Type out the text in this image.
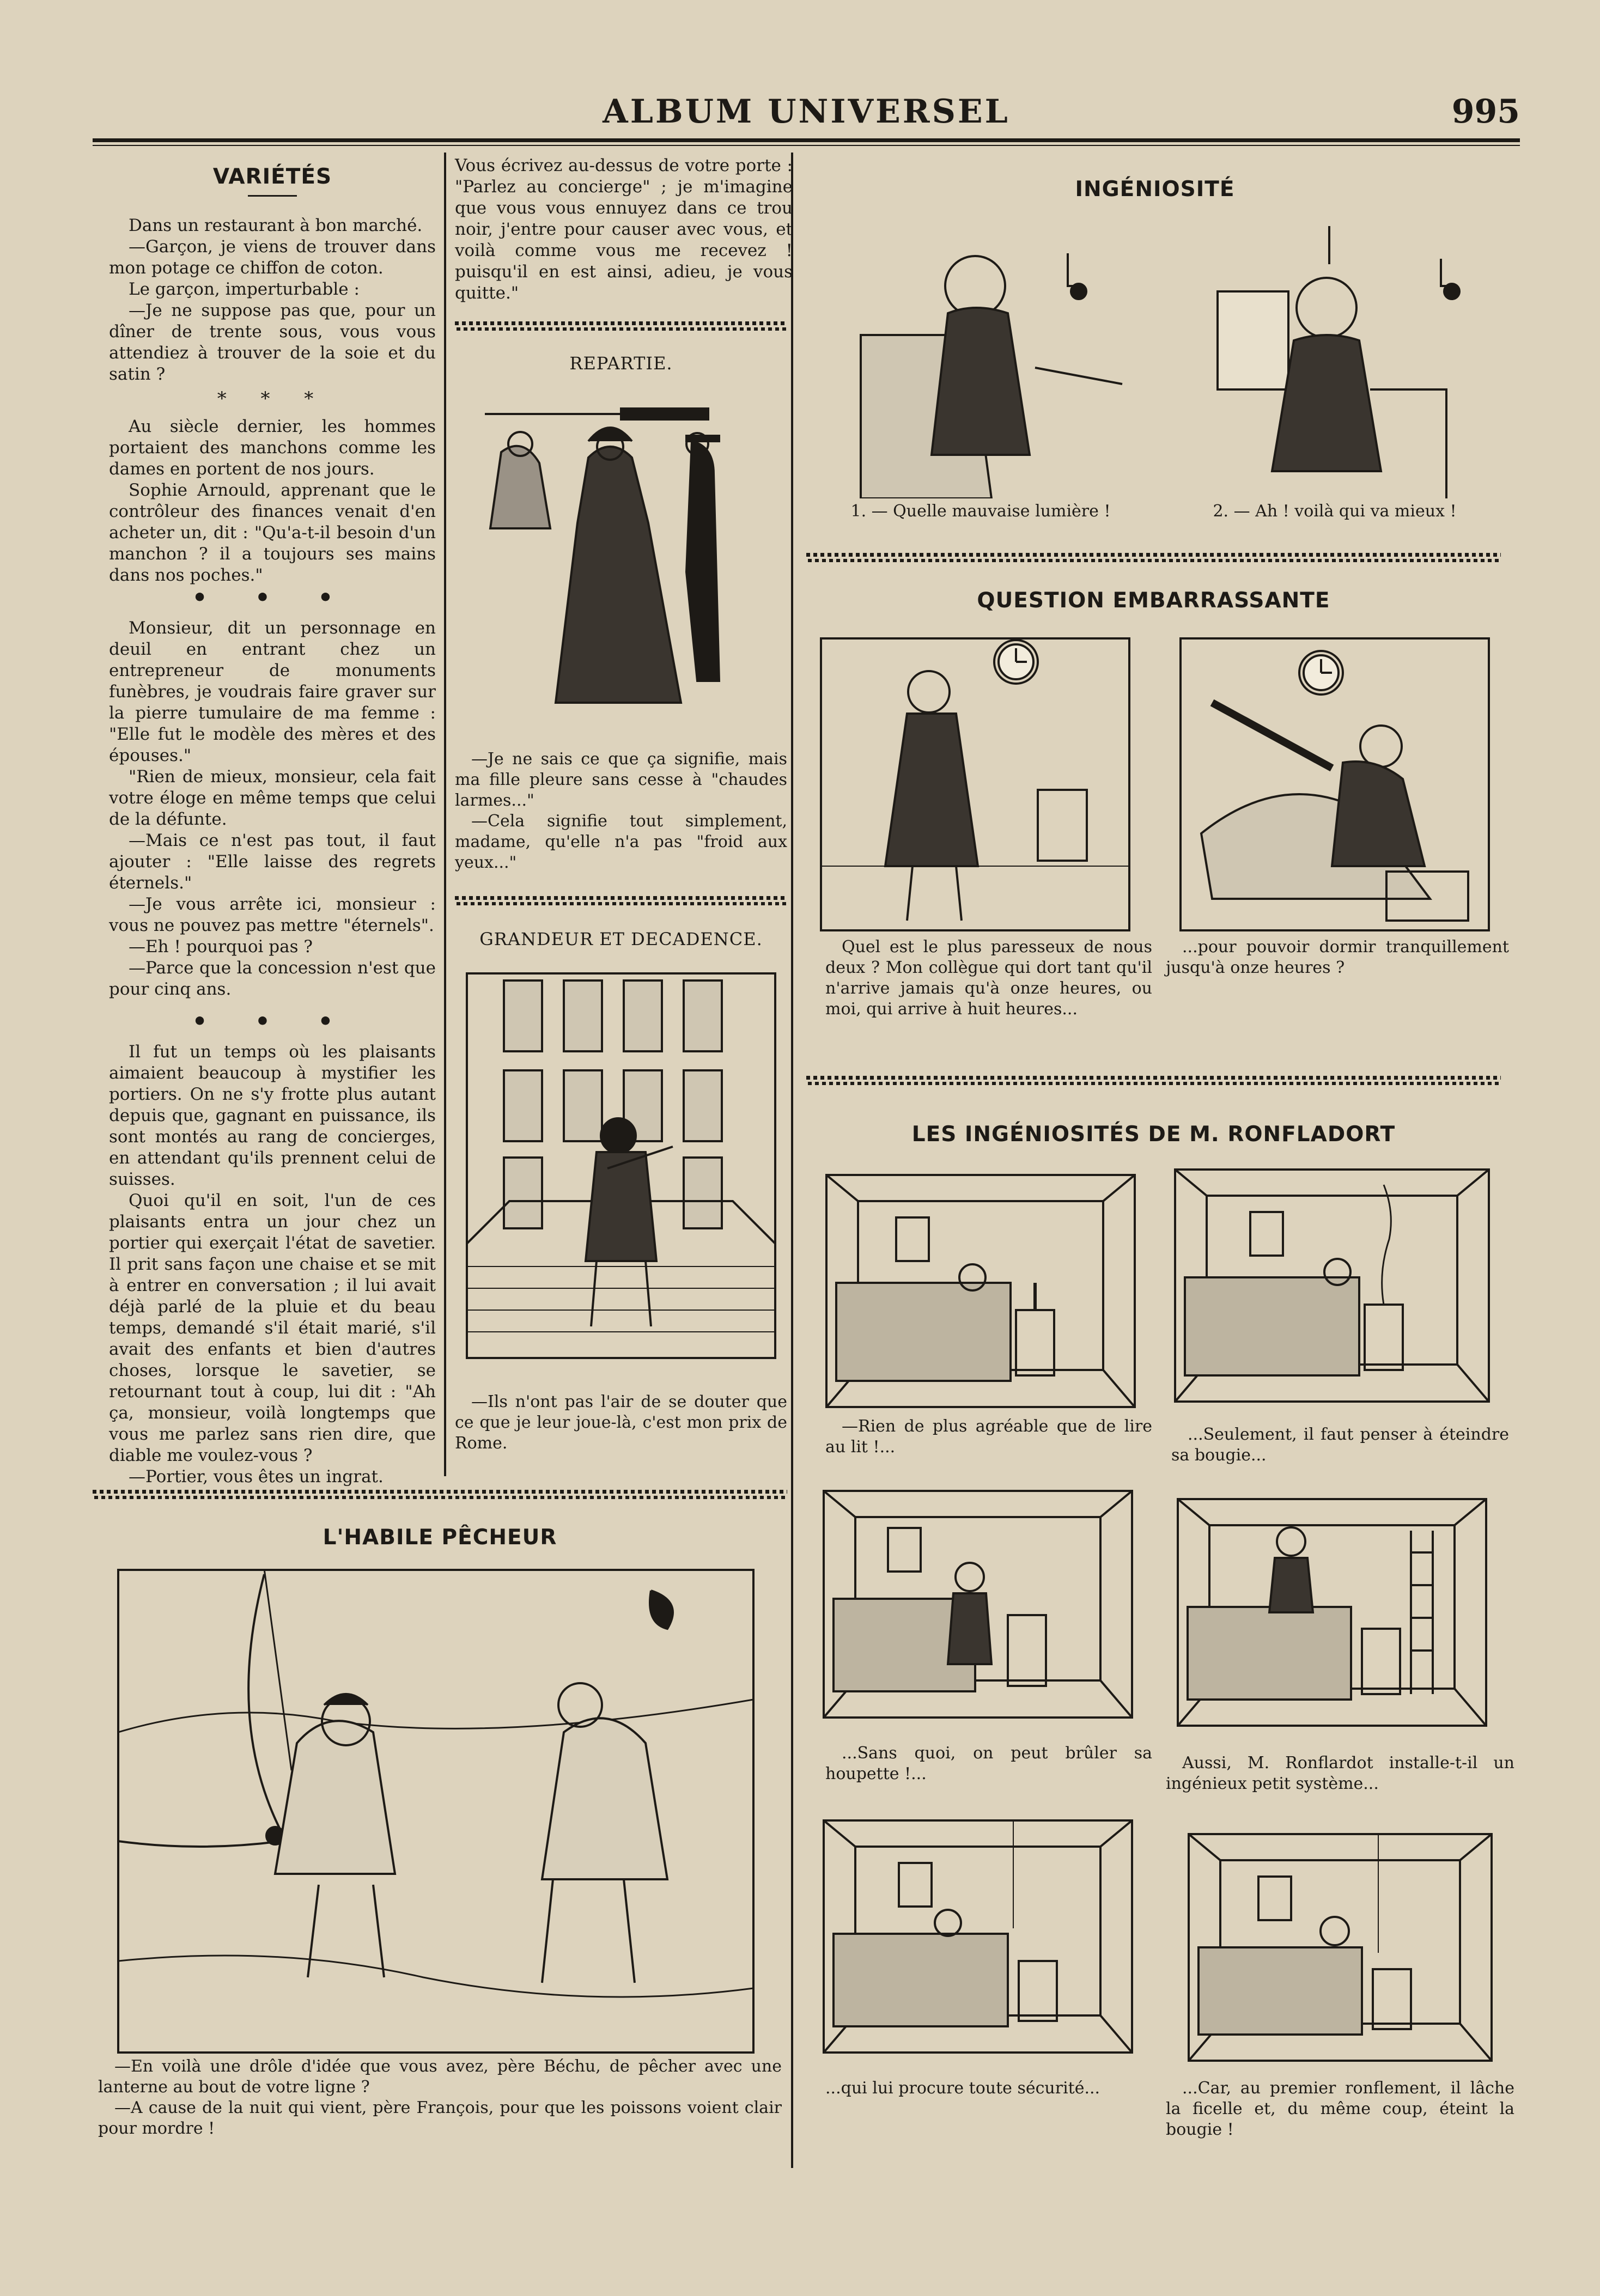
ALBUM UNIVERSEL	995
VARIÉTÉS

Dans un restaurant à bon marché.

—Garçon, je viens de trouver dans mon potage ce chiffon de coton.

Le garçon, imperturbable :

—Je ne suppose pas que, pour un dîner de trente sous, vous vous attendiez à trouver de la soie et du satin ?

* * *

Au siècle dernier, les hommes portaient des manchons comme les dames en portent de nos jours.

Sophie Arnould, apprenant que le contrôleur des finances venait d'en acheter un, dit : "Qu'a-t-il besoin d'un manchon ? il a toujours ses mains dans nos poches."

• • •

Monsieur, dit un personnage en deuil en entrant chez un entrepreneur de monuments funèbres, je voudrais faire graver sur la pierre tumulaire de ma femme : "Elle fut le modèle des mères et des épouses."

"Rien de mieux, monsieur, cela fait votre éloge en même temps que celui de la défunte.

—Mais ce n'est pas tout, il faut ajouter : "Elle laisse des regrets éternels."

—Je vous arrête ici, monsieur : vous ne pouvez pas mettre "éternels".

—Eh ! pourquoi pas ?

—Parce que la concession n'est que pour cinq ans.

• • •

Il fut un temps où les plaisants aimaient beaucoup à mystifier les portiers. On ne s'y frotte plus autant depuis que, gagnant en puissance, ils sont montés au rang de concierges, en attendant qu'ils prennent celui de suisses.

Quoi qu'il en soit, l'un de ces plaisants entra un jour chez un portier qui exerçait l'état de savetier. Il prit sans façon une chaise et se mit à entrer en conversation ; il lui avait déjà parlé de la pluie et du beau temps, demandé s'il était marié, s'il avait des enfants et bien d'autres choses, lorsque le savetier, se retournant tout à coup, lui dit : "Ah ça, monsieur, voilà longtemps que vous me parlez sans rien dire, que diable me voulez-vous ?

—Portier, vous êtes un ingrat.

Vous écrivez au-dessus de votre porte : "Parlez au concierge" ; je m'imagine que vous vous ennuyez dans ce trou noir, j'entre pour causer avec vous, et voilà comme vous me recevez ! puisqu'il en est ainsi, adieu, je vous quitte."

REPARTIE.

—Je ne sais ce que ça signifie, mais ma fille pleure sans cesse à "chaudes larmes..."

—Cela signifie tout simplement, madame, qu'elle n'a pas "froid aux yeux..."

GRANDEUR ET DECADENCE.

—Ils n'ont pas l'air de se douter que ce que je leur joue-là, c'est mon prix de Rome.

L'HABILE PÊCHEUR

—En voilà une drôle d'idée que vous avez, père Béchu, de pêcher avec une lanterne au bout de votre ligne ?

—A cause de la nuit qui vient, père François, pour que les poissons voient clair pour mordre !

INGÉNIOSITÉ
1. — Quelle mauvaise lumière !	2. — Ah ! voilà qui va mieux !
QUESTION EMBARRASSANTE

Quel est le plus paresseux de nous deux ? Mon collègue qui dort tant qu'il n'arrive jamais qu'à onze heures, ou moi, qui arrive à huit heures...

...pour pouvoir dormir tranquillement jusqu'à onze heures ?

LES INGÉNIOSITÉS DE M. RONFLADORT

—Rien de plus agréable que de lire au lit !...

...Seulement, il faut penser à éteindre sa bougie...

...Sans quoi, on peut brûler sa houpette !...

Aussi, M. Ronflardot installe-t-il un ingénieux petit système...

...qui lui procure toute sécurité...	...Car, au premier ronflement, il lâche la ficelle et, du même coup, éteint la bougie !
